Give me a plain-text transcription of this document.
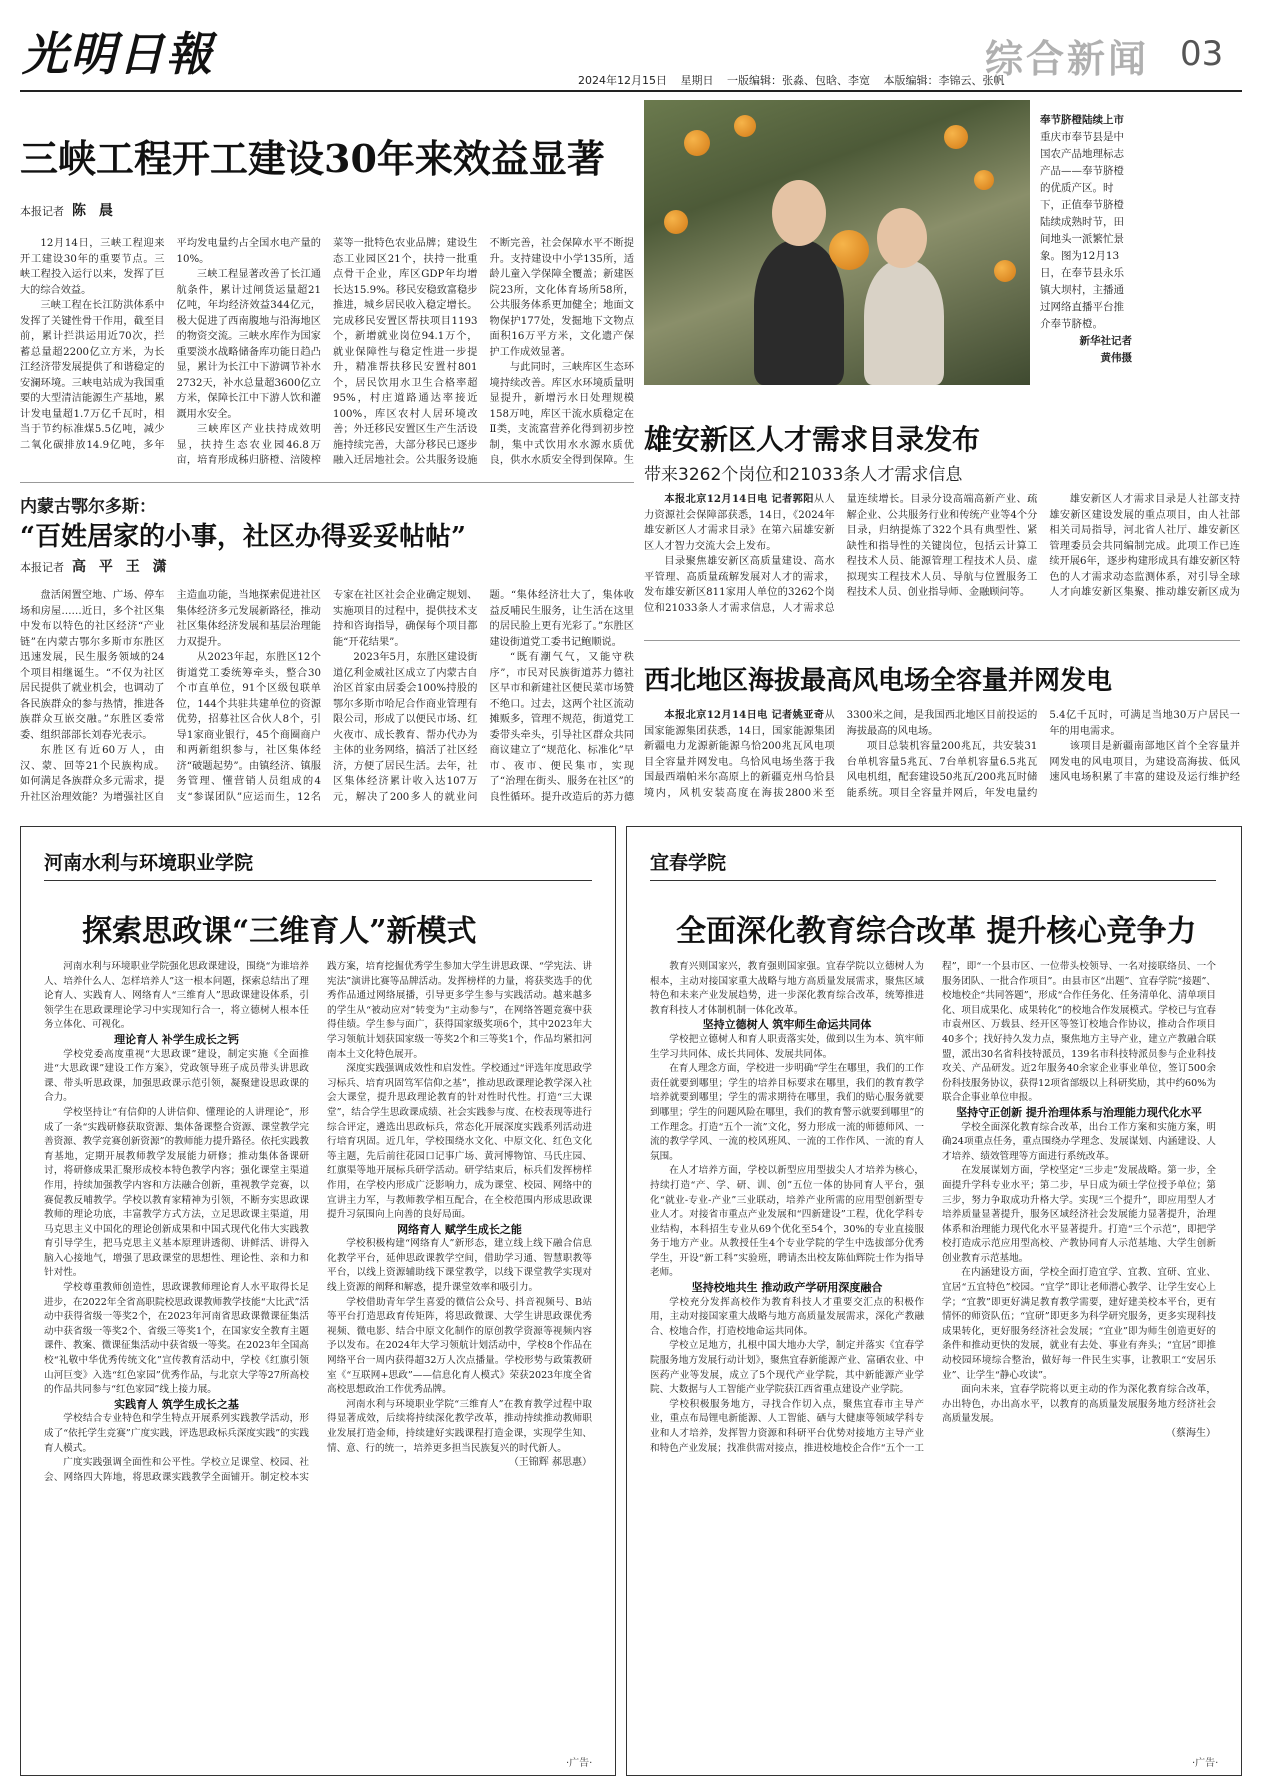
光明日報	2024年12月15日 星期日 一版编辑：张淼、包晗、李宽 本版编辑：李锦云、张帆
综合新闻 03
三峡工程开工建设30年来效益显著
本报记者 陈 晨

12月14日，三峡工程迎来开工建设30年的重要节点。三峡工程投入运行以来，发挥了巨大的综合效益。

三峡工程在长江防洪体系中发挥了关键性骨干作用，截至目前，累计拦洪运用近70次，拦蓄总量超2200亿立方米，为长江经济带发展提供了和谐稳定的安澜环境。三峡电站成为我国重要的大型清洁能源生产基地，累计发电量超1.7万亿千瓦时，相当于节约标准煤5.5亿吨，减少二氧化碳排放14.9亿吨，多年平均发电量约占全国水电产量的10%。

三峡工程显著改善了长江通航条件，累计过闸货运量超21亿吨，年均经济效益344亿元，极大促进了西南腹地与沿海地区的物资交流。三峡水库作为国家重要淡水战略储备库功能日趋凸显，累计为长江中下游调节补水2732天，补水总量超3600亿立方米，保障长江中下游人饮和灌溉用水安全。

三峡库区产业扶持成效明显，扶持生态农业园46.8万亩，培育形成秭归脐橙、涪陵榨菜等一批特色农业品牌；建设生态工业园区21个，扶持一批重点骨干企业，库区GDP年均增长达15.9%。移民安稳致富稳步推进，城乡居民收入稳定增长。完成移民安置区帮扶项目1193个，新增就业岗位94.1万个，就业保障性与稳定性进一步提升，精准帮扶移民安置村801个，居民饮用水卫生合格率超95%，村庄道路通达率接近100%，库区农村人居环境改善；外迁移民安置区生产生活设施持续完善，大部分移民已逐步融入迁居地社会。公共服务设施不断完善，社会保障水平不断提升。支持建设中小学135所，适龄儿童入学保障全覆盖；新建医院23所，文化体育场所58所，公共服务体系更加健全；地面文物保护177处，发掘地下文物点面积16万平方米，文化遗产保护工作成效显著。

与此同时，三峡库区生态环境持续改善。库区水环境质量明显提升，新增污水日处理规模158万吨，库区干流水质稳定在Ⅱ类，支流富营养化得到初步控制，集中式饮用水水源水质优良，供水水质安全得到保障。生

奉节脐橙陆续上市 重庆市奉节县是中国农产品地理标志产品——奉节脐橙的优质产区。时下，正值奉节脐橙陆续成熟时节，田间地头一派繁忙景象。图为12月13日，在奉节县永乐镇大坝村，主播通过网络直播平台推介奉节脐橙。
新华社记者
黄伟摄
雄安新区人才需求目录发布
带来3262个岗位和21033条人才需求信息

本报北京12月14日电 记者郭阳从人力资源社会保障部获悉，14日，《2024年雄安新区人才需求目录》在第六届雄安新区人才智力交流大会上发布。

目录聚焦雄安新区高质量建设、高水平管理、高质量疏解发展对人才的需求，发布雄安新区811家用人单位的3262个岗位和21033条人才需求信息，人才需求总量连续增长。目录分设高端高新产业、疏解企业、公共服务行业和传统产业等4个分目录，归纳提炼了322个具有典型性、紧缺性和指导性的关键岗位，包括云计算工程技术人员、能源管理工程技术人员、虚拟现实工程技术人员、导航与位置服务工程技术人员、创业指导师、金融顾问等。

雄安新区人才需求目录是人社部支持雄安新区建设发展的重点项目，由人社部相关司局指导，河北省人社厅、雄安新区管理委员会共同编制完成。此项工作已连续开展6年，逐步构建形成具有雄安新区特色的人才需求动态监测体系，对引导全球人才向雄安新区集聚、推动雄安新区成为

内蒙古鄂尔多斯：
“百姓居家的小事，社区办得妥妥帖帖”
本报记者 高 平 王 潇

盘活闲置空地、广场、停车场和房屋……近日，多个社区集中发布以特色的社区经济“产业链”在内蒙古鄂尔多斯市东胜区迅速发展，民生服务领域的24个项目相继诞生。“不仅为社区居民提供了就业机会，也调动了各民族群众的参与热情，推进各族群众互嵌交融。”东胜区委常委、组织部部长刘春光表示。

东胜区有近60万人，由汉、蒙、回等21个民族构成。如何满足各族群众多元需求，提升社区治理效能？为增强社区自主造血功能，当地探索促进社区集体经济多元发展新路径，推动社区集体经济发展和基层治理能力双提升。

从2023年起，东胜区12个街道党工委统筹牵头，整合30个市直单位，91个区级包联单位，144个共驻共建单位的资源优势，招募社区合伙人8个，引导1家商业银行，45个商圈商户和两新组织参与，社区集体经济“破题起势”。由镇经济、镇服务管理、懂营销人员组成的4支“参谋团队”应运而生，12名专家在社区社会企业确定规划、实施项目的过程中，提供技术支持和咨询指导，确保每个项目都能“开花结果”。

2023年5月，东胜区建设街道亿利金威社区成立了内蒙古自治区首家由居委会100%持股的鄂尔多斯市哈尼合作商业管理有限公司，形成了以便民市场、红火夜市、成长教育、帮办代办为主体的业务网络，搞活了社区经济，方便了居民生活。去年，社区集体经济累计收入达107万元，解决了200多人的就业问题。“集体经济壮大了，集体收益反哺民生服务，让生活在这里的居民脸上更有光彩了。”东胜区建设街道党工委书记鲍顺说。

“既有潮气气，又能守秩序”，市民对民族街道苏力德社区早市和新建社区便民菜市场赞不绝口。过去，这两个社区流动摊贩多，管理不规范，街道党工委带头牵头，引导社区群众共同商议建立了“规范化、标准化”早市、夜市、便民集市，实现了“治理在街头、服务在社区”的良性循环。提升改造后的苏力德

西北地区海拔最高风电场全容量并网发电

本报北京12月14日电 记者姚亚奇从国家能源集团获悉，14日，国家能源集团新疆电力龙源新能源乌恰200兆瓦风电项目全容量并网发电。乌恰风电场坐落于我国最西端帕米尔高原上的新疆克州乌恰县境内，风机安装高度在海拔2800米至3300米之间，是我国西北地区目前投运的海拔最高的风电场。

项目总装机容量200兆瓦，共安装31台单机容量5兆瓦、7台单机容量6.5兆瓦风电机组，配套建设50兆瓦/200兆瓦时储能系统。项目全容量并网后，年发电量约5.4亿千瓦时，可满足当地30万户居民一年的用电需求。

该项目是新疆南部地区首个全容量并网发电的风电项目，为建设高海拔、低风速风电场积累了丰富的建设及运行维护经

河南水利与环境职业学院
探索思政课“三维育人”新模式

河南水利与环境职业学院强化思政课建设，围绕“为谁培养人、培养什么人、怎样培养人”这一根本问题，探索总结出了理论育人、实践育人、网络育人“三维育人”思政课建设体系，引领学生在思政课理论学习中实现知行合一，将立德树人根本任务立体化、可视化。

理论育人 补学生成长之钙

学校党委高度重视“大思政课”建设，制定实施《全面推进“大思政课”建设工作方案》，党政领导班子成员带头讲思政课、带头听思政课，加强思政课示范引领，凝聚建设思政课的合力。

学校坚持让“有信仰的人讲信仰、懂理论的人讲理论”，形成了一条“实践研修获取资源、集体备课整合资源、课堂教学完善资源、教学竞赛创新资源”的教师能力提升路径。依托实践教育基地，定期开展教师教学发展能力研修；推动集体备课研讨，将研修成果汇聚形成校本特色教学内容；强化课堂主渠道作用，持续加强教学内容和方法融合创新，重视教学竞赛，以赛促教反哺教学。学校以教育家精神为引领，不断夯实思政课教师的理论功底，丰富教学方式方法，立足思政课主渠道，用马克思主义中国化的理论创新成果和中国式现代化伟大实践教育引导学生，把马克思主义基本原理讲透彻、讲鲜活、讲得入脑入心接地气，增强了思政课堂的思想性、理论性、亲和力和针对性。

学校尊重教师创造性，思政课教师理论育人水平取得长足进步，在2022年全省高职院校思政课教师教学技能“大比武”活动中获得省级一等奖2个，在2023年河南省思政课微课征集活动中获省级一等奖2个、省级三等奖1个，在国家安全教育主题课件、教案、微课征集活动中获省级一等奖。在2023年全国高校“礼敬中华优秀传统文化”宣传教育活动中，学校《红旗引领 山河巨变》入选“红色家园”优秀作品，与北京大学等27所高校的作品共同参与“红色家园”线上接力展。

实践育人 筑学生成长之基

学校结合专业特色和学生特点开展系列实践教学活动，形成了“依托学生竞赛”广度实践，评选思政标兵深度实践”的实践育人模式。

广度实践强调全面性和公平性。学校立足课堂、校园、社会、网络四大阵地，将思政课实践教学全面铺开。制定校本实践方案，培育挖掘优秀学生参加大学生讲思政课、“学宪法、讲宪法”演讲比赛等品牌活动。发挥榜样的力量，将获奖选手的优秀作品通过网络展播，引导更多学生参与实践活动。越来越多的学生从“被动应对”转变为“主动参与”，在网络答题竞赛中获得佳绩。学生参与面广，获得国家级奖项6个，其中2023年大学习领航计划获国家级一等奖2个和三等奖1个，作品均紧扣河南本土文化特色展开。

深度实践强调成效性和启发性。学校通过“评选年度思政学习标兵、培育巩固笃军信仰之基”，推动思政课理论教学深入社会大课堂，提升思政理论教育的针对性时代性。打造“三大课堂”，结合学生思政课成绩、社会实践参与度、在校表现等进行综合评定，遴选出思政标兵，常态化开展深度实践系列活动进行培育巩固。近几年，学校围绕水文化、中原文化、红色文化等主题，先后前往花园口记事广场、黄河博物馆、马氏庄园、红旗渠等地开展标兵研学活动。研学结束后，标兵们发挥榜样作用，在学校内形成广泛影响力，成为课堂、校园、网络中的宣讲主力军，与教师教学相互配合，在全校范围内形成思政课提升习氛围向上向善的良好局面。

网络育人 赋学生成长之能

学校积极构建“网络育人”新形态，建立线上线下融合信息化教学平台，延伸思政课教学空间，借助学习通、智慧职教等平台，以线上资源辅助线下课堂教学，以线下课堂教学实现对线上资源的阐释和解惑，提升课堂效率和吸引力。

学校借助青年学生喜爱的微信公众号、抖音视频号、B站等平台打造思政育传矩阵，将思政微课、大学生讲思政课优秀视频、微电影、结合中原文化制作的原创教学资源等视频内容予以发布。在2024年大学习领航计划活动中，学校8个作品在网络平台一周内获得超32万人次点播量。学校形势与政策教研室《“互联网+思政”——信息化育人模式》荣获2023年度全省高校思想政治工作优秀品牌。

河南水利与环境职业学院“三维育人”在教育教学过程中取得显著成效，后续将持续深化教学改革，推动持续推动教师职业发展打造金师，持续建好实践课程打造金课，实现学生知、情、意、行的统一，培养更多担当民族复兴的时代新人。

（王锦辉 郝思惠）

·广告·
宜春学院
全面深化教育综合改革 提升核心竞争力

教育兴则国家兴，教育强则国家强。宜春学院以立德树人为根本，主动对接国家重大战略与地方高质量发展需求，聚焦区域特色和未来产业发展趋势，进一步深化教育综合改革，统筹推进教育科技人才体制机制一体化改革。

坚持立德树人 筑牢师生命运共同体

学校把立德树人和育人职责落实处，做到以生为本、筑牢师生学习共同体、成长共同体、发展共同体。

在育人理念方面，学校进一步明确“学生在哪里，我们的工作责任就要到哪里；学生的培养目标要求在哪里，我们的教育教学培养就要到哪里；学生的需求期待在哪里，我们的贴心服务就要到哪里；学生的问题风险在哪里，我们的教育警示就要到哪里”的工作理念。打造“五个一流”文化，努力形成一流的师德师风、一流的教学学风、一流的校风班风、一流的工作作风、一流的育人氛围。

在人才培养方面，学校以新型应用型拔尖人才培养为核心，持续打造“产、学、研、训、创”五位一体的协同育人平台，强化“就业-专业-产业”三业联动，培养产业所需的应用型创新型专业人才。对接省市重点产业发展和“四新建设”工程，优化学科专业结构，本科招生专业从69个优化至54个，30%的专业直接服务于地方产业。从教授任生4个专业学院的学生中选拔部分优秀学生，开设“新工科”实验班，聘请杰出校友陈仙辉院士作为指导老师。

坚持校地共生 推动政产学研用深度融合

学校充分发挥高校作为教育科技人才重要交汇点的积极作用，主动对接国家重大战略与地方高质量发展需求，深化产教融合、校地合作，打造校地命运共同体。

学校立足地方，扎根中国大地办大学，制定并落实《宜春学院服务地方发展行动计划》，聚焦宜春新能源产业、富硒农业、中医药产业等发展，成立了5个现代产业学院，其中新能源产业学院、大数据与人工智能产业学院获江西省重点建设产业学院。

学校积极服务地方，寻找合作切入点，聚焦宜春市主导产业，重点布局锂电新能源、人工智能、硒与大健康等领域学科专业和人才培养，发挥智力资源和科研平台优势对接地方主导产业和特色产业发展；找准供需对接点，推进校地校企合作“五个一工程”，即“一个县市区、一位带头校领导、一名对接联络员、一个服务团队、一批合作项目”。由县市区“出题”、宜春学院“接题”、校地校企“共同答题”，形成“合作任务化、任务清单化、清单项目化、项目成果化、成果转化”的校地合作发展模式。学校已与宜春市袁州区、万载县、经开区等签订校地合作协议，推动合作项目40多个；找好持久发力点，聚焦地方主导产业，建立产教融合联盟，派出30名省科技特派员，139名市科技特派员参与企业科技攻关、产品研发。近2年服务40余家企业事业单位，签订500余份科技服务协议，获得12项省部级以上科研奖励，其中约60%为联合企事业单位申报。

坚持守正创新 提升治理体系与治理能力现代化水平

学校全面深化教育综合改革，出台工作方案和实施方案，明确24项重点任务，重点围绕办学理念、发展谋划、内涵建设、人才培养、绩效管理等方面进行系统改革。

在发展谋划方面，学校坚定“三步走”发展战略。第一步，全面提升学科专业水平；第二步，早日成为硕士学位授予单位；第三步，努力争取成功升格大学。实现“三个提升”，即应用型人才培养质量显著提升，服务区域经济社会发展能力显著提升，治理体系和治理能力现代化水平显著提升。打造“三个示范”，即把学校打造成示范应用型高校、产教协同育人示范基地、大学生创新创业教育示范基地。

在内涵建设方面，学校全面打造宜学、宜教、宜研、宜业、宜居“五宜特色”校园。“宜学”即让老师潜心教学、让学生安心上学；“宜教”即更好满足教育教学需要，建好建美校本平台，更有情怀的师资队伍；“宜研”即更多为科学研究服务，更多实现科技成果转化，更好服务经济社会发展；“宜业”即为师生创造更好的条件和推动更快的发展，就业有去处、事业有奔头；“宜居”即推动校园环境综合整治，做好每一件民生实事，让教职工“安居乐业”、让学生“静心攻读”。

面向未来，宜春学院将以更主动的作为深化教育综合改革，办出特色，办出高水平，以教育的高质量发展服务地方经济社会高质量发展。

（蔡海生）

·广告·
